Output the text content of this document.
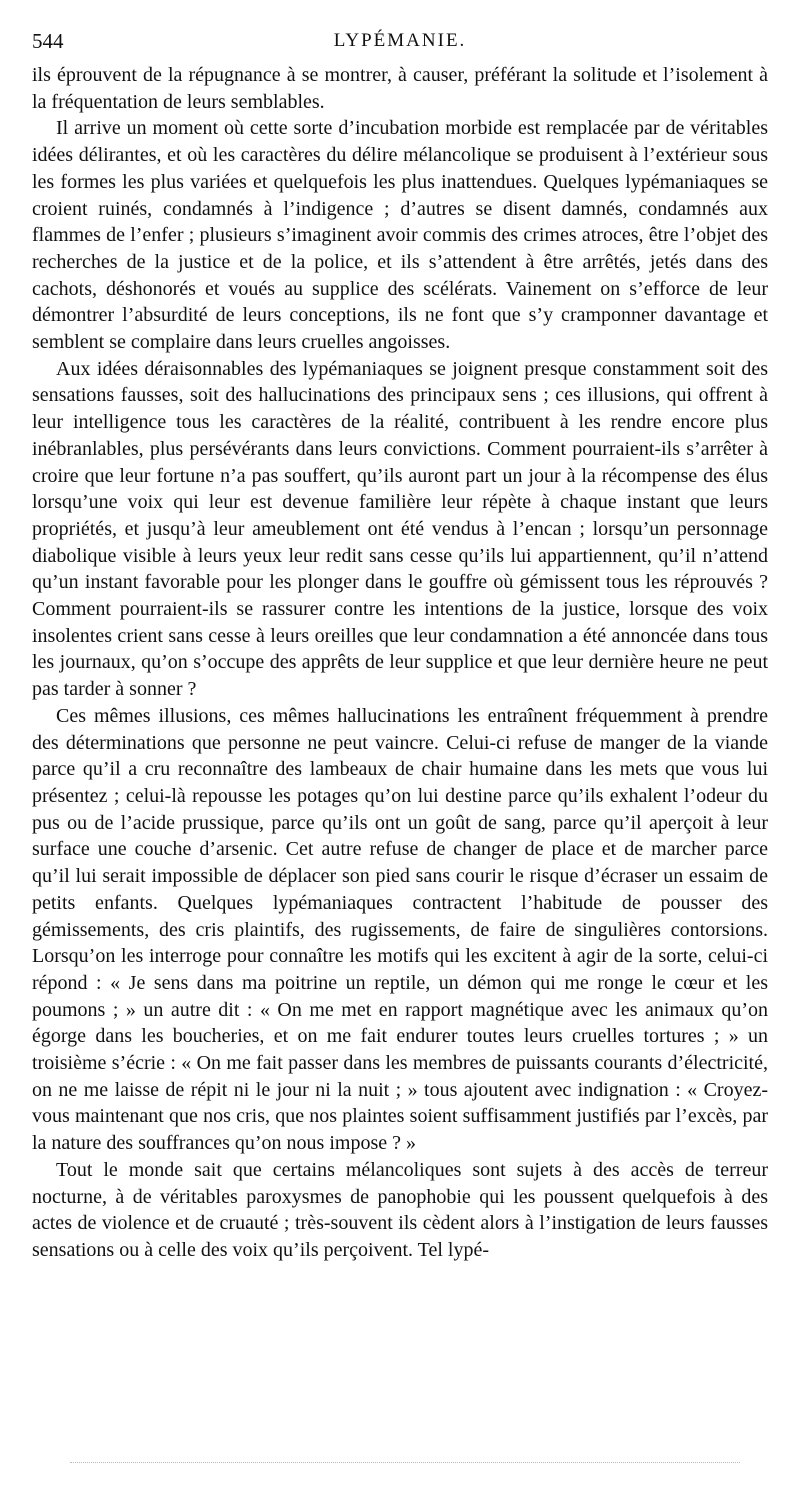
544	LYPÉMANIE.

ils éprouvent de la répugnance à se montrer, à causer, préférant la solitude et l’isolement à la fréquentation de leurs semblables.

Il arrive un moment où cette sorte d’incubation morbide est remplacée par de véritables idées délirantes, et où les caractères du délire mélancolique se produisent à l’extérieur sous les formes les plus variées et quelquefois les plus inattendues. Quelques lypémaniaques se croient ruinés, condamnés à l’indigence ; d’autres se disent damnés, condamnés aux flammes de l’enfer ; plusieurs s’imaginent avoir commis des crimes atroces, être l’objet des recherches de la justice et de la police, et ils s’attendent à être arrêtés, jetés dans des cachots, déshonorés et voués au supplice des scélérats. Vainement on s’efforce de leur démontrer l’absurdité de leurs conceptions, ils ne font que s’y cramponner davantage et semblent se complaire dans leurs cruelles angoisses.

Aux idées déraisonnables des lypémaniaques se joignent presque constamment soit des sensations fausses, soit des hallucinations des principaux sens ; ces illusions, qui offrent à leur intelligence tous les caractères de la réalité, contribuent à les rendre encore plus inébranlables, plus persévérants dans leurs convictions. Comment pourraient-ils s’arrêter à croire que leur fortune n’a pas souffert, qu’ils auront part un jour à la récompense des élus lorsqu’une voix qui leur est devenue familière leur répète à chaque instant que leurs propriétés, et jusqu’à leur ameublement ont été vendus à l’encan ; lorsqu’un personnage diabolique visible à leurs yeux leur redit sans cesse qu’ils lui appartiennent, qu’il n’attend qu’un instant favorable pour les plonger dans le gouffre où gémissent tous les réprouvés ? Comment pourraient-ils se rassurer contre les intentions de la justice, lorsque des voix insolentes crient sans cesse à leurs oreilles que leur condamnation a été annoncée dans tous les journaux, qu’on s’occupe des apprêts de leur supplice et que leur dernière heure ne peut pas tarder à sonner ?

Ces mêmes illusions, ces mêmes hallucinations les entraînent fréquemment à prendre des déterminations que personne ne peut vaincre. Celui-ci refuse de manger de la viande parce qu’il a cru reconnaître des lambeaux de chair humaine dans les mets que vous lui présentez ; celui-là repousse les potages qu’on lui destine parce qu’ils exhalent l’odeur du pus ou de l’acide prussique, parce qu’ils ont un goût de sang, parce qu’il aperçoit à leur surface une couche d’arsenic. Cet autre refuse de changer de place et de marcher parce qu’il lui serait impossible de déplacer son pied sans courir le risque d’écraser un essaim de petits enfants. Quelques lypémaniaques contractent l’habitude de pousser des gémissements, des cris plaintifs, des rugissements, de faire de singulières contorsions. Lorsqu’on les interroge pour connaître les motifs qui les excitent à agir de la sorte, celui-ci répond : « Je sens dans ma poitrine un reptile, un démon qui me ronge le cœur et les poumons ; » un autre dit : « On me met en rapport magnétique avec les animaux qu’on égorge dans les boucheries, et on me fait endurer toutes leurs cruelles tortures ; » un troisième s’écrie : « On me fait passer dans les membres de puissants courants d’électricité, on ne me laisse de répit ni le jour ni la nuit ; » tous ajoutent avec indignation : « Croyez-vous maintenant que nos cris, que nos plaintes soient suffisamment justifiés par l’excès, par la nature des souffrances qu’on nous impose ? »

Tout le monde sait que certains mélancoliques sont sujets à des accès de terreur nocturne, à de véritables paroxysmes de panophobie qui les poussent quelquefois à des actes de violence et de cruauté ; très-souvent ils cèdent alors à l’instigation de leurs fausses sensations ou à celle des voix qu’ils perçoivent. Tel lypé-
